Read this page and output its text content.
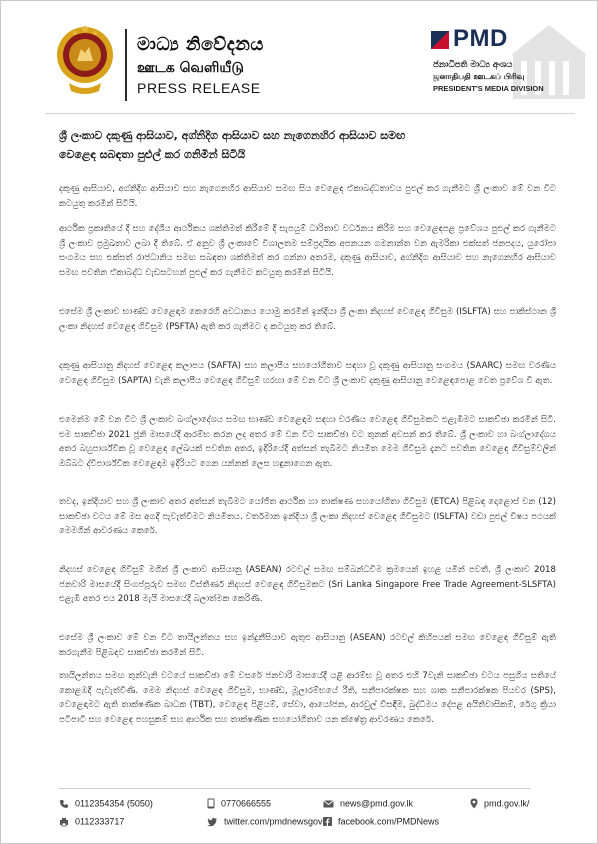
මාධ්‍ය නිවේදනය
ஊடக வெளியீடு
PRESS RELEASE
PMD
ජනාධිපති මාධ්‍ය අංශය
ஜனாதிபதி ஊடகப் பிரிவு
PRESIDENT'S MEDIA DIVISION
ශ්‍රී ලංකාව දකුණු ආසියාව, අග්නිදිග ආසියාව සහ නැගෙනහිර ආසියාව සමඟ
වෙළෙඳ සබඳතා පුළුල් කර ගනිමින් සිටියි
දකුණු ආසියාව, අග්නිදිග ආසියාව සහ නැගෙනහිර ආසියාව සමඟ සිය වෙළෙඳ ඒකාබද්ධතාවය පුළුල් කර ගැනීමට ශ්‍රී ලංකාව මේ වන විට කටයුතු කරමින් සිටියි.
ආර්ථික ප්‍රකෘතියේ දී සහ දේශීය ආර්ථිකය ශක්තිමත් කිරීමේ දී සැපයුම් ධාරිතාව වර්ධනය කිරීම සහ වෙළෙඳපළ ප්‍රවේශය පුළුල් කර ගැනීමට ශ්‍රී ලංකාව ප්‍රමුඛතාව ලබා දී තිබේ. ඒ අනුව ශ්‍රී ලංකාවේ විශාලතම සම්ප්‍රදායික අපනයන ගමනාන්ත වන ඇමරිකා එක්සත් ජනපදය, යුරෝපා සංගමය සහ එක්සත් රාජධානිය සමඟ සබඳතා ශක්තිමත් කර ගන්නා අතරම, දකුණු ආසියාව, අග්නිදිග ආසියාව සහ නැගෙනහිර ආසියාව සමඟ පවතින ඒකාබද්ධ වැඩසටහන් පුළුල් කර ගැනීමට කටයුතු කරමින් සිටියි.
එසේම ශ්‍රී ලංකාව භාණ්ඩ වෙළෙඳාම කෙරෙහි අවධානය යොමු කරමින් ඉන්දියා ශ්‍රී ලංකා නිදහස් වෙළෙඳ ගිවිසුම (ISLFTA) සහ පාකිස්ථාන ශ්‍රී ලංකා නිදහස් වෙළෙඳ ගිවිසුම (PSFTA) ඇති කර ගැනීමට ද කටයුතු කර තිබේ.
දකුණු ආසියානු නිදහස් වෙළෙඳ කලාපය (SAFTA) සහ කලාපීය සහයෝගිතාව සඳහා වූ දකුණු ආසියානු සංගමය (SAARC) සමඟ වරණීය වෙළෙඳ ගිවිසුම (SAPTA) වැනි කලාපීය වෙළෙඳ ගිවිසුම් හරහා මේ වන විට ශ්‍රී ලංකාව දකුණු ආසියානු වෙළෙඳපොළ වෙත ප්‍රවේශ වී ඇත.
එමෙන්ම මේ වන විට ශ්‍රී ලංකාව බංග්ලාදේශය සමඟ භාණ්ඩ වෙළෙඳාම සඳහා වරණීය වෙළෙඳ ගිවිසුමකට එළැඹීමට සාකච්ඡා කරමින් සිටී. එම සාකච්ඡා 2021 ජූනි මාසයේදී ආරම්භ කරන ලද අතර මේ වන විට සාකච්ඡා වට තුනක් අවසන් කර තිබේ. ශ්‍රී ලංකාව හා බංග්ලාදේශය අතර බහුපාර්ශ්වික වූ වෙළෙඳ ලේඛයක් පවතින අතර, ඉදිරියේදී අත්සන් තැබීමට නියමිත මෙම ගිවිසුම දැනට පවතින වෙළෙඳ ගිවිසුම්වලින් ඔබ්බට ද්විපාර්ශ්වික වෙළෙඳාම ඉදිරියට ගෙන යන්නක් ලෙස හඳුනාගෙන ඇත.
තවද, ඉන්දියාව සහ ශ්‍රී ලංකාව අතර අත්සන් තැබීමට යෝජිත ආර්ථික හා තාක්ෂණ සහයෝගිතා ගිවිසුම (ETCA) පිළිබඳ දොළොස් වන (12) සාකච්ඡා වටය මේ මස අගදී පැවැත්වීමට නියමිතය. වර්තමාන ඉන්දියා ශ්‍රී ලංකා නිදහස් වෙළෙඳ ගිවිසුමට (ISLFTA) වඩා පුළුල් විෂය පථයක් මෙමගින් ආවරණය කෙරේ.
නිදහස් වෙළෙඳ ගිවිසුම් මගින් ශ්‍රී ලංකාව ආසියානු (ASEAN) රටවල් සමඟ සම්බන්ධවීම ක්‍රමයෙන් ඉහළ යමින් පවතී. ශ්‍රී ලංකාව 2018 ජනවාරි මාසයේදී සිංගප්පූරුව සමඟ විස්තීර්ණ නිදහස් වෙළෙඳ ගිවිසුමකට (Sri Lanka Singapore Free Trade Agreement-SLSFTA) එළැඹි අතර එය 2018 මැයි මාසයේදී බලාත්මක කෙරිණි.
එසේම ශ්‍රී ලංකාව මේ වන විට තායිලන්තය සහ ඉන්දුනීසියාව ඇතුළු ආසියානු (ASEAN) රටවල් කිහිපයක් සමඟ වෙළෙඳ ගිවිසුම් ඇති කරගැනීම පිළිබඳව සාකච්ඡා කරමින් සිටී.
තායිලන්තය සමඟ තුන්වැනි වටයේ සාකච්ඡා මේ වසරේ ජනවාරි මාසයේදී යළි ආරම්භ වූ අතර එහි 7වැනි සාකච්ඡා වටය පසුගිය සතියේ කොළඹදී පැවැත්විණි. මෙම නිදහස් වෙළෙඳ ගිවිසුම, භාණ්ඩ, මූලාරම්භයේ රීති, සනීපාරක්ෂක සහ ශාක සනීපාරක්ෂක පියවර (SPS), වෙළෙඳාමට ඇති තාක්ෂණික බාධක (TBT), වෙළෙඳ පිළියම්, සේවා, ආයෝජන, ආරවුල් විසඳීම, බුද්ධිමය දේපළ අයිතිවාසිකම්, රේගු ක්‍රියා පටිපාටි සහ වෙළෙඳ පහසුකම් සහ ආර්ථික සහ තාක්ෂණික සහයෝගිතාව යන ක්ෂේත්‍ර ආවරණය කෙරේ.
0112354354 (5050)
0112333717
0770666555
twitter.com/pmdnewsgov
news@pmd.gov.lk
facebook.com/PMDNews
pmd.gov.lk/
